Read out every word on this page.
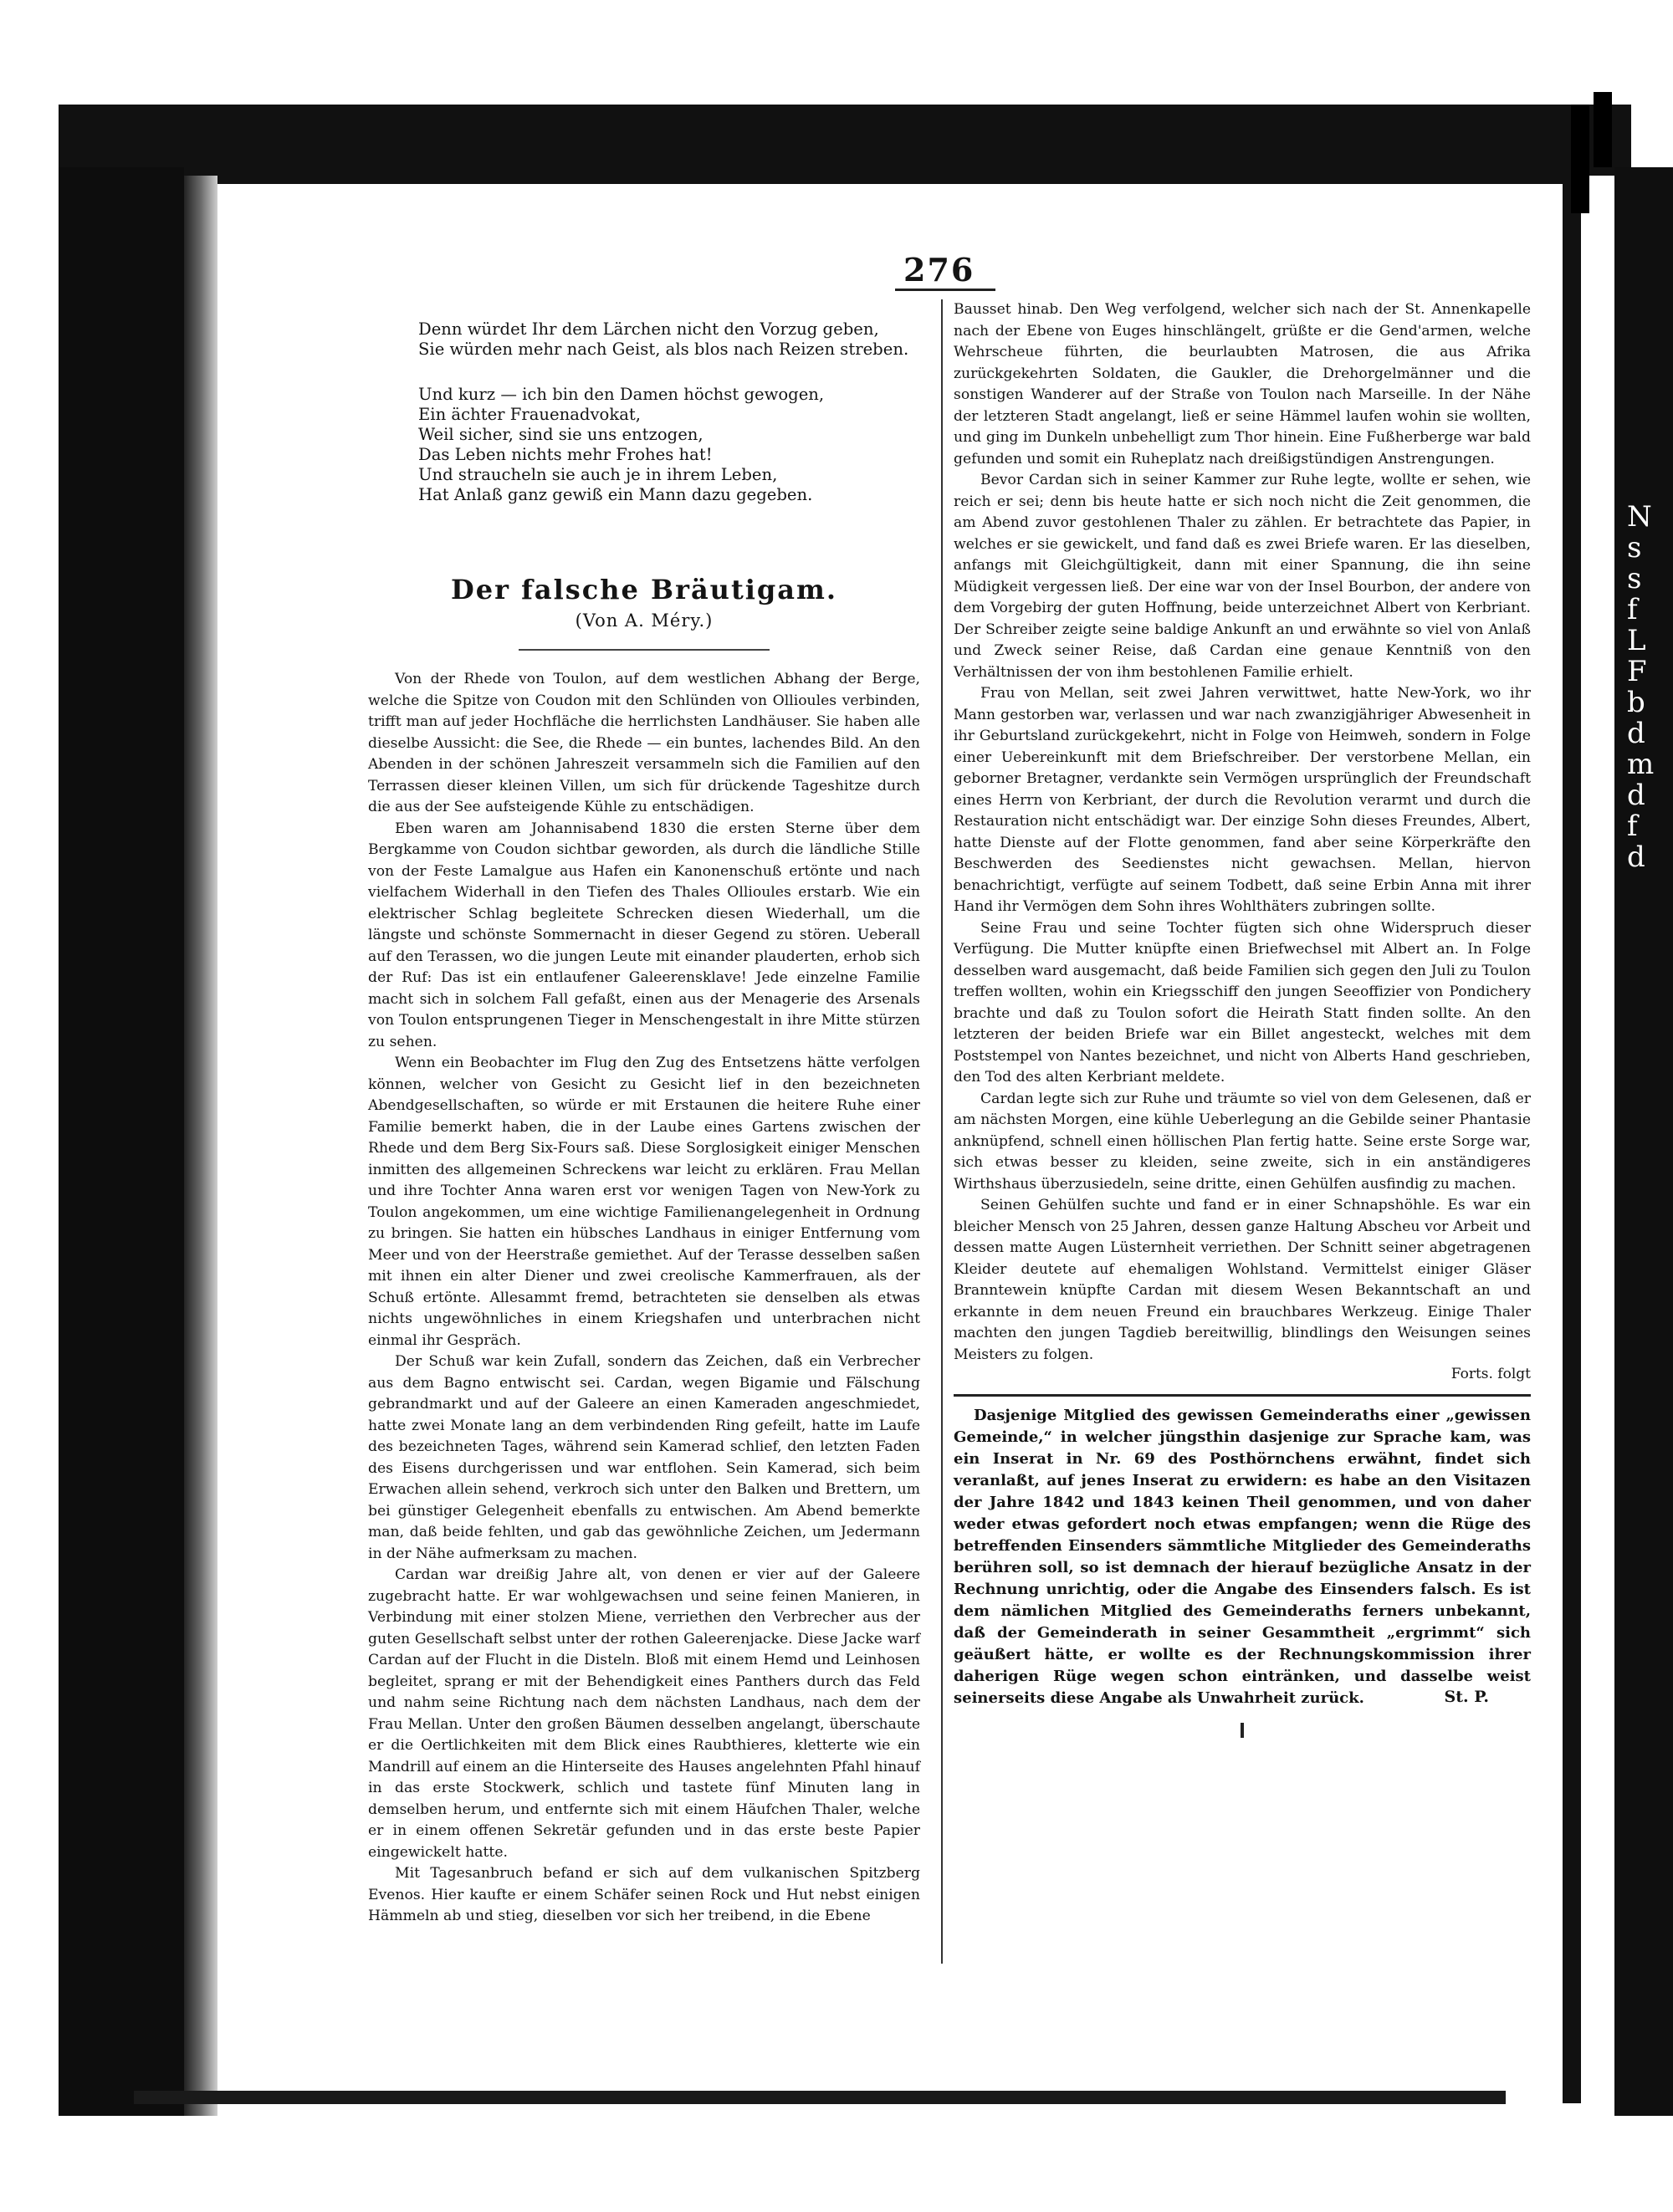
N
s
s
f
L
F
b
d
m
d
f
d
276

Denn würdet Ihr dem Lärchen nicht den Vorzug geben,
Sie würden mehr nach Geist, als blos nach Reizen streben.

Und kurz — ich bin den Damen höchst gewogen,
Ein ächter Frauenadvokat,
Weil sicher, sind sie uns entzogen,
Das Leben nichts mehr Frohes hat!
Und straucheln sie auch je in ihrem Leben,
Hat Anlaß ganz gewiß ein Mann dazu gegeben.

Der falsche Bräutigam.
(Von A. Méry.)

Von der Rhede von Toulon, auf dem westlichen Abhang der Berge, welche die Spitze von Coudon mit den Schlünden von Ollioules verbinden, trifft man auf jeder Hochfläche die herrlichsten Landhäuser. Sie haben alle dieselbe Aussicht: die See, die Rhede — ein buntes, lachendes Bild. An den Abenden in der schönen Jahreszeit versammeln sich die Familien auf den Terrassen dieser kleinen Villen, um sich für drückende Tageshitze durch die aus der See aufsteigende Kühle zu entschädigen.

Eben waren am Johannisabend 1830 die ersten Sterne über dem Bergkamme von Coudon sichtbar geworden, als durch die ländliche Stille von der Feste Lamalgue aus Hafen ein Kanonenschuß ertönte und nach vielfachem Widerhall in den Tiefen des Thales Ollioules erstarb. Wie ein elektrischer Schlag begleitete Schrecken diesen Wiederhall, um die längste und schönste Sommernacht in dieser Gegend zu stören. Ueberall auf den Terassen, wo die jungen Leute mit einander plauderten, erhob sich der Ruf: Das ist ein entlaufener Galeerensklave! Jede einzelne Familie macht sich in solchem Fall gefaßt, einen aus der Menagerie des Arsenals von Toulon entsprungenen Tieger in Menschengestalt in ihre Mitte stürzen zu sehen.

Wenn ein Beobachter im Flug den Zug des Entsetzens hätte verfolgen können, welcher von Gesicht zu Gesicht lief in den bezeichneten Abendgesellschaften, so würde er mit Erstaunen die heitere Ruhe einer Familie bemerkt haben, die in der Laube eines Gartens zwischen der Rhede und dem Berg Six-Fours saß. Diese Sorglosigkeit einiger Menschen inmitten des allgemeinen Schreckens war leicht zu erklären. Frau Mellan und ihre Tochter Anna waren erst vor wenigen Tagen von New-York zu Toulon angekommen, um eine wichtige Familienangelegenheit in Ordnung zu bringen. Sie hatten ein hübsches Landhaus in einiger Entfernung vom Meer und von der Heerstraße gemiethet. Auf der Terasse desselben saßen mit ihnen ein alter Diener und zwei creolische Kammerfrauen, als der Schuß ertönte. Allesammt fremd, betrachteten sie denselben als etwas nichts ungewöhnliches in einem Kriegshafen und unterbrachen nicht einmal ihr Gespräch.

Der Schuß war kein Zufall, sondern das Zeichen, daß ein Verbrecher aus dem Bagno entwischt sei. Cardan, wegen Bigamie und Fälschung gebrandmarkt und auf der Galeere an einen Kameraden angeschmiedet, hatte zwei Monate lang an dem verbindenden Ring gefeilt, hatte im Laufe des bezeichneten Tages, während sein Kamerad schlief, den letzten Faden des Eisens durchgerissen und war entflohen. Sein Kamerad, sich beim Erwachen allein sehend, verkroch sich unter den Balken und Brettern, um bei günstiger Gelegenheit ebenfalls zu entwischen. Am Abend bemerkte man, daß beide fehlten, und gab das gewöhnliche Zeichen, um Jedermann in der Nähe aufmerksam zu machen.

Cardan war dreißig Jahre alt, von denen er vier auf der Galeere zugebracht hatte. Er war wohlgewachsen und seine feinen Manieren, in Verbindung mit einer stolzen Miene, verriethen den Verbrecher aus der guten Gesellschaft selbst unter der rothen Galeerenjacke. Diese Jacke warf Cardan auf der Flucht in die Disteln. Bloß mit einem Hemd und Leinhosen begleitet, sprang er mit der Behendigkeit eines Panthers durch das Feld und nahm seine Richtung nach dem nächsten Landhaus, nach dem der Frau Mellan. Unter den großen Bäumen desselben angelangt, überschaute er die Oertlichkeiten mit dem Blick eines Raubthieres, kletterte wie ein Mandrill auf einem an die Hinterseite des Hauses angelehnten Pfahl hinauf in das erste Stockwerk, schlich und tastete fünf Minuten lang in demselben herum, und entfernte sich mit einem Häufchen Thaler, welche er in einem offenen Sekretär gefunden und in das erste beste Papier eingewickelt hatte.

Mit Tagesanbruch befand er sich auf dem vulkanischen Spitzberg Evenos. Hier kaufte er einem Schäfer seinen Rock und Hut nebst einigen Hämmeln ab und stieg, dieselben vor sich her treibend, in die Ebene

Bausset hinab. Den Weg verfolgend, welcher sich nach der St. Annenkapelle nach der Ebene von Euges hinschlängelt, grüßte er die Gend'armen, welche Wehrscheue führten, die beurlaubten Matrosen, die aus Afrika zurückgekehrten Soldaten, die Gaukler, die Drehorgelmänner und die sonstigen Wanderer auf der Straße von Toulon nach Marseille. In der Nähe der letzteren Stadt angelangt, ließ er seine Hämmel laufen wohin sie wollten, und ging im Dunkeln unbehelligt zum Thor hinein. Eine Fußherberge war bald gefunden und somit ein Ruheplatz nach dreißigstündigen Anstrengungen.

Bevor Cardan sich in seiner Kammer zur Ruhe legte, wollte er sehen, wie reich er sei; denn bis heute hatte er sich noch nicht die Zeit genommen, die am Abend zuvor gestohlenen Thaler zu zählen. Er betrachtete das Papier, in welches er sie gewickelt, und fand daß es zwei Briefe waren. Er las dieselben, anfangs mit Gleichgültigkeit, dann mit einer Spannung, die ihn seine Müdigkeit vergessen ließ. Der eine war von der Insel Bourbon, der andere von dem Vorgebirg der guten Hoffnung, beide unterzeichnet Albert von Kerbriant. Der Schreiber zeigte seine baldige Ankunft an und erwähnte so viel von Anlaß und Zweck seiner Reise, daß Cardan eine genaue Kenntniß von den Verhältnissen der von ihm bestohlenen Familie erhielt.

Frau von Mellan, seit zwei Jahren verwittwet, hatte New-York, wo ihr Mann gestorben war, verlassen und war nach zwanzigjähriger Abwesenheit in ihr Geburtsland zurückgekehrt, nicht in Folge von Heimweh, sondern in Folge einer Uebereinkunft mit dem Briefschreiber. Der verstorbene Mellan, ein geborner Bretagner, verdankte sein Vermögen ursprünglich der Freundschaft eines Herrn von Kerbriant, der durch die Revolution verarmt und durch die Restauration nicht entschädigt war. Der einzige Sohn dieses Freundes, Albert, hatte Dienste auf der Flotte genommen, fand aber seine Körperkräfte den Beschwerden des Seedienstes nicht gewachsen. Mellan, hiervon benachrichtigt, verfügte auf seinem Todbett, daß seine Erbin Anna mit ihrer Hand ihr Vermögen dem Sohn ihres Wohlthäters zubringen sollte.

Seine Frau und seine Tochter fügten sich ohne Widerspruch dieser Verfügung. Die Mutter knüpfte einen Briefwechsel mit Albert an. In Folge desselben ward ausgemacht, daß beide Familien sich gegen den Juli zu Toulon treffen wollten, wohin ein Kriegsschiff den jungen Seeoffizier von Pondichery brachte und daß zu Toulon sofort die Heirath Statt finden sollte. An den letzteren der beiden Briefe war ein Billet angesteckt, welches mit dem Poststempel von Nantes bezeichnet, und nicht von Alberts Hand geschrieben, den Tod des alten Kerbriant meldete.

Cardan legte sich zur Ruhe und träumte so viel von dem Gelesenen, daß er am nächsten Morgen, eine kühle Ueberlegung an die Gebilde seiner Phantasie anknüpfend, schnell einen höllischen Plan fertig hatte. Seine erste Sorge war, sich etwas besser zu kleiden, seine zweite, sich in ein anständigeres Wirthshaus überzusiedeln, seine dritte, einen Gehülfen ausfindig zu machen.

Seinen Gehülfen suchte und fand er in einer Schnapshöhle. Es war ein bleicher Mensch von 25 Jahren, dessen ganze Haltung Abscheu vor Arbeit und dessen matte Augen Lüsternheit verriethen. Der Schnitt seiner abgetragenen Kleider deutete auf ehemaligen Wohlstand. Vermittelst einiger Gläser Branntewein knüpfte Cardan mit diesem Wesen Bekanntschaft an und erkannte in dem neuen Freund ein brauchbares Werkzeug. Einige Thaler machten den jungen Tagdieb bereitwillig, blindlings den Weisungen seines Meisters zu folgen.

Forts. folgt

Dasjenige Mitglied des gewissen Gemeinderaths einer „gewissen Gemeinde,“ in welcher jüngsthin dasjenige zur Sprache kam, was ein Inserat in Nr. 69 des Posthörnchens erwähnt, findet sich veranlaßt, auf jenes Inserat zu erwidern: es habe an den Visitazen der Jahre 1842 und 1843 keinen Theil genommen, und von daher weder etwas gefordert noch etwas empfangen; wenn die Rüge des betreffenden Einsenders sämmtliche Mitglieder des Gemeinderaths berühren soll, so ist demnach der hierauf bezügliche Ansatz in der Rechnung unrichtig, oder die Angabe des Einsenders falsch. Es ist dem nämlichen Mitglied des Gemeinderaths ferners unbekannt, daß der Gemeinderath in seiner Gesammtheit „ergrimmt“ sich geäußert hätte, er wollte es der Rechnungskommission ihrer daherigen Rüge wegen schon eintränken, und dasselbe weist seinerseits diese Angabe als Unwahrheit zurück.	St. P.
